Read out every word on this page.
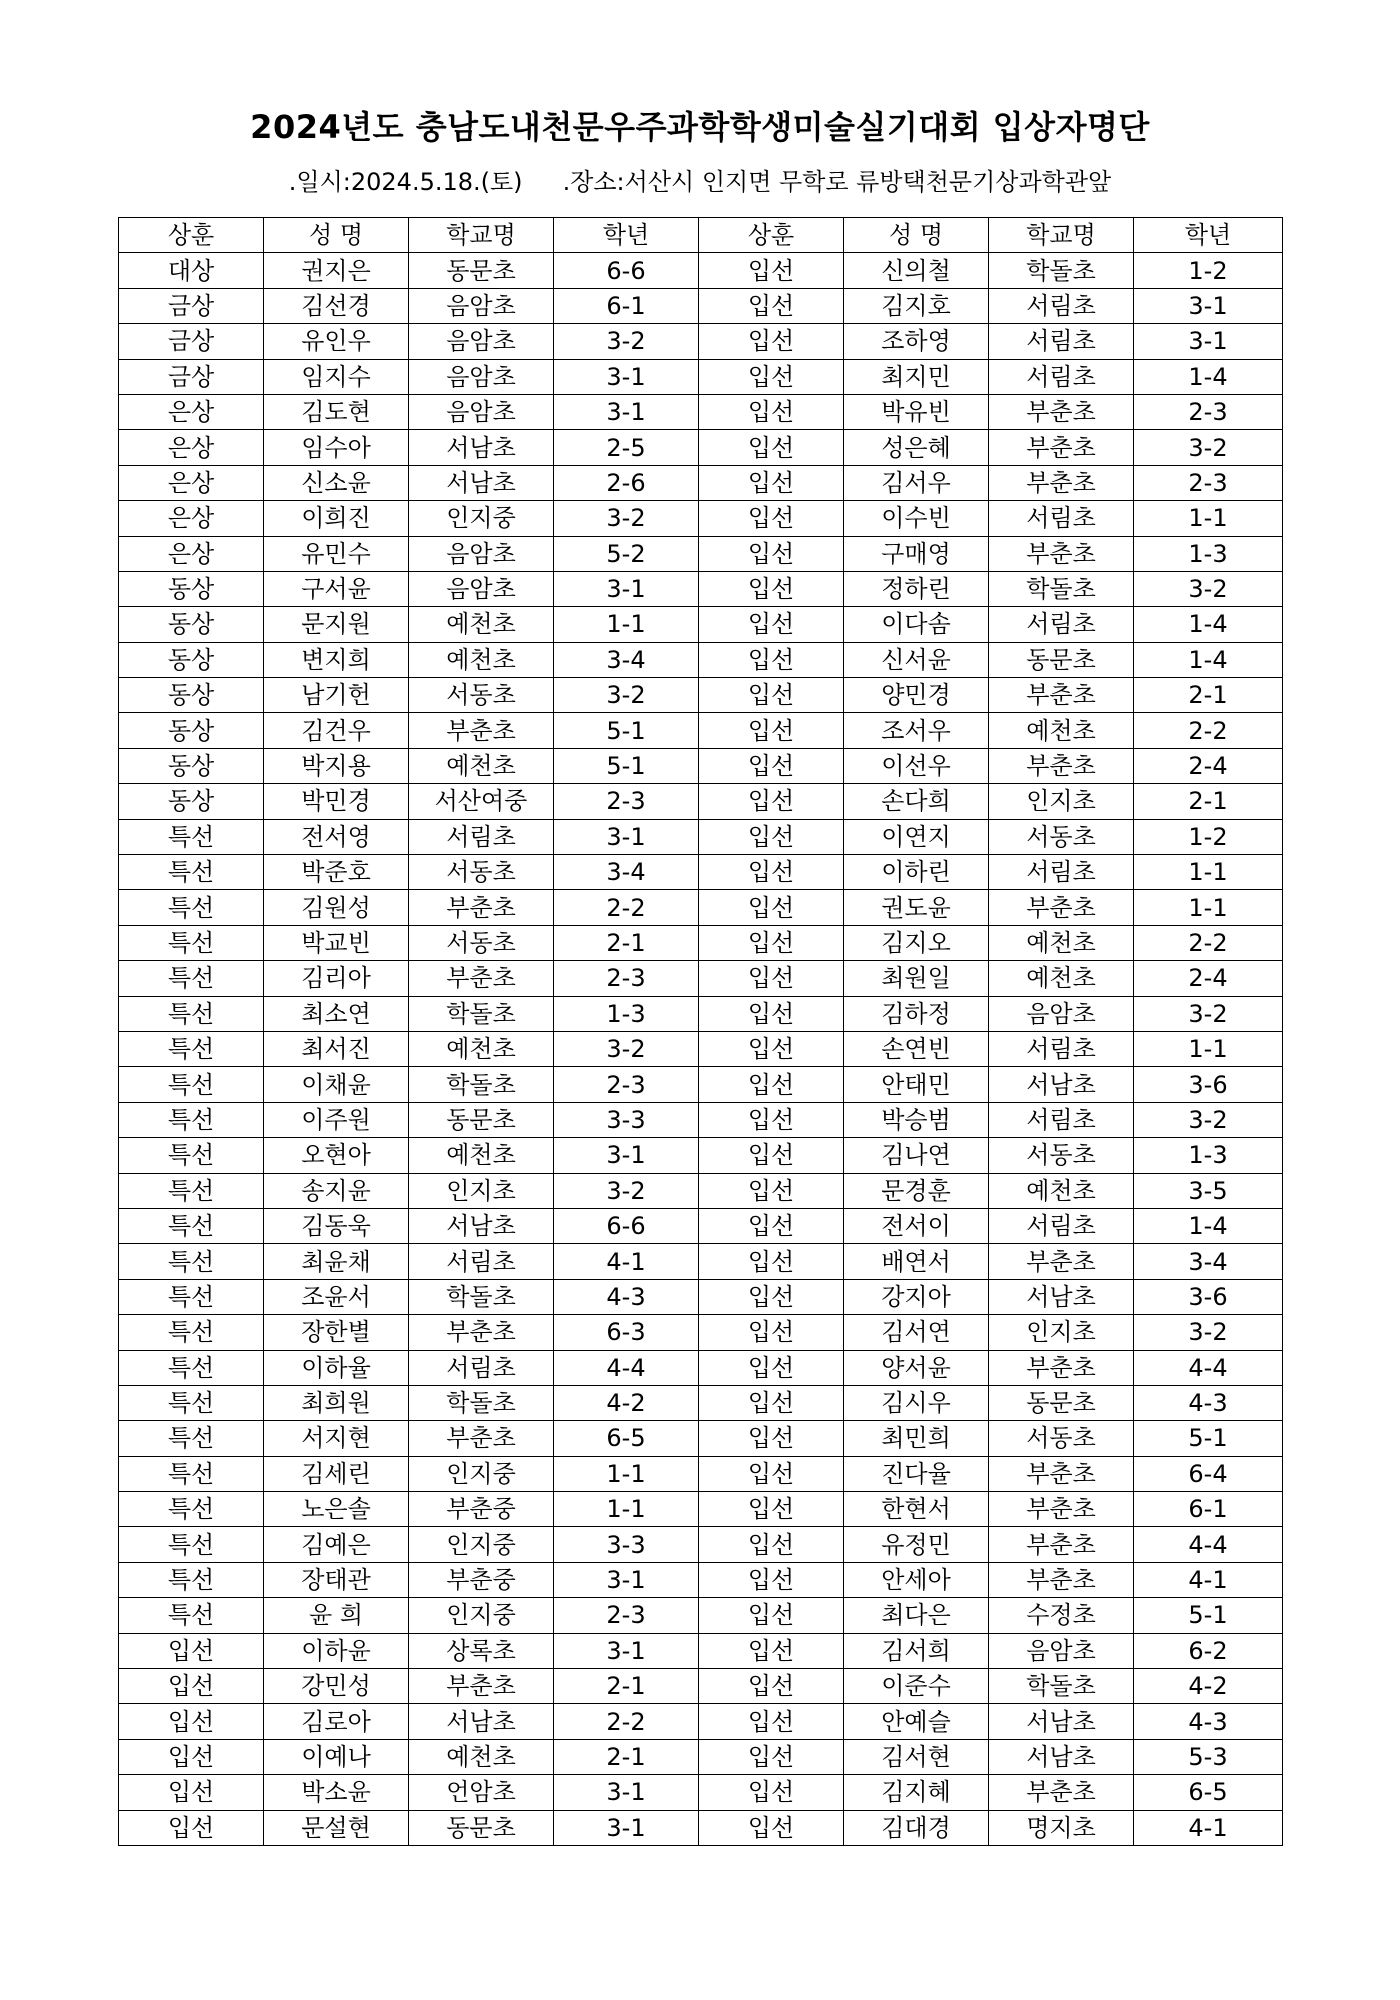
2024년도 충남도내천문우주과학학생미술실기대회 입상자명단
.일시:2024.5.18.(토) .장소:서산시 인지면 무학로 류방택천문기상과학관앞
상훈	성 명	학교명	학년	상훈	성 명	학교명	학년
대상	권지은	동문초	6-6	입선	신의철	학돌초	1-2
금상	김선경	음암초	6-1	입선	김지호	서림초	3-1
금상	유인우	음암초	3-2	입선	조하영	서림초	3-1
금상	임지수	음암초	3-1	입선	최지민	서림초	1-4
은상	김도현	음암초	3-1	입선	박유빈	부춘초	2-3
은상	임수아	서남초	2-5	입선	성은혜	부춘초	3-2
은상	신소윤	서남초	2-6	입선	김서우	부춘초	2-3
은상	이희진	인지중	3-2	입선	이수빈	서림초	1-1
은상	유민수	음암초	5-2	입선	구매영	부춘초	1-3
동상	구서윤	음암초	3-1	입선	정하린	학돌초	3-2
동상	문지원	예천초	1-1	입선	이다솜	서림초	1-4
동상	변지희	예천초	3-4	입선	신서윤	동문초	1-4
동상	남기헌	서동초	3-2	입선	양민경	부춘초	2-1
동상	김건우	부춘초	5-1	입선	조서우	예천초	2-2
동상	박지용	예천초	5-1	입선	이선우	부춘초	2-4
동상	박민경	서산여중	2-3	입선	손다희	인지초	2-1
특선	전서영	서림초	3-1	입선	이연지	서동초	1-2
특선	박준호	서동초	3-4	입선	이하린	서림초	1-1
특선	김원성	부춘초	2-2	입선	권도윤	부춘초	1-1
특선	박교빈	서동초	2-1	입선	김지오	예천초	2-2
특선	김리아	부춘초	2-3	입선	최원일	예천초	2-4
특선	최소연	학돌초	1-3	입선	김하정	음암초	3-2
특선	최서진	예천초	3-2	입선	손연빈	서림초	1-1
특선	이채윤	학돌초	2-3	입선	안태민	서남초	3-6
특선	이주원	동문초	3-3	입선	박승범	서림초	3-2
특선	오현아	예천초	3-1	입선	김나연	서동초	1-3
특선	송지윤	인지초	3-2	입선	문경훈	예천초	3-5
특선	김동욱	서남초	6-6	입선	전서이	서림초	1-4
특선	최윤채	서림초	4-1	입선	배연서	부춘초	3-4
특선	조윤서	학돌초	4-3	입선	강지아	서남초	3-6
특선	장한별	부춘초	6-3	입선	김서연	인지초	3-2
특선	이하율	서림초	4-4	입선	양서윤	부춘초	4-4
특선	최희원	학돌초	4-2	입선	김시우	동문초	4-3
특선	서지현	부춘초	6-5	입선	최민희	서동초	5-1
특선	김세린	인지중	1-1	입선	진다율	부춘초	6-4
특선	노은솔	부춘중	1-1	입선	한현서	부춘초	6-1
특선	김예은	인지중	3-3	입선	유정민	부춘초	4-4
특선	장태관	부춘중	3-1	입선	안세아	부춘초	4-1
특선	윤 희	인지중	2-3	입선	최다은	수정초	5-1
입선	이하윤	상록초	3-1	입선	김서희	음암초	6-2
입선	강민성	부춘초	2-1	입선	이준수	학돌초	4-2
입선	김로아	서남초	2-2	입선	안예슬	서남초	4-3
입선	이예나	예천초	2-1	입선	김서현	서남초	5-3
입선	박소윤	언암초	3-1	입선	김지혜	부춘초	6-5
입선	문설현	동문초	3-1	입선	김대경	명지초	4-1
